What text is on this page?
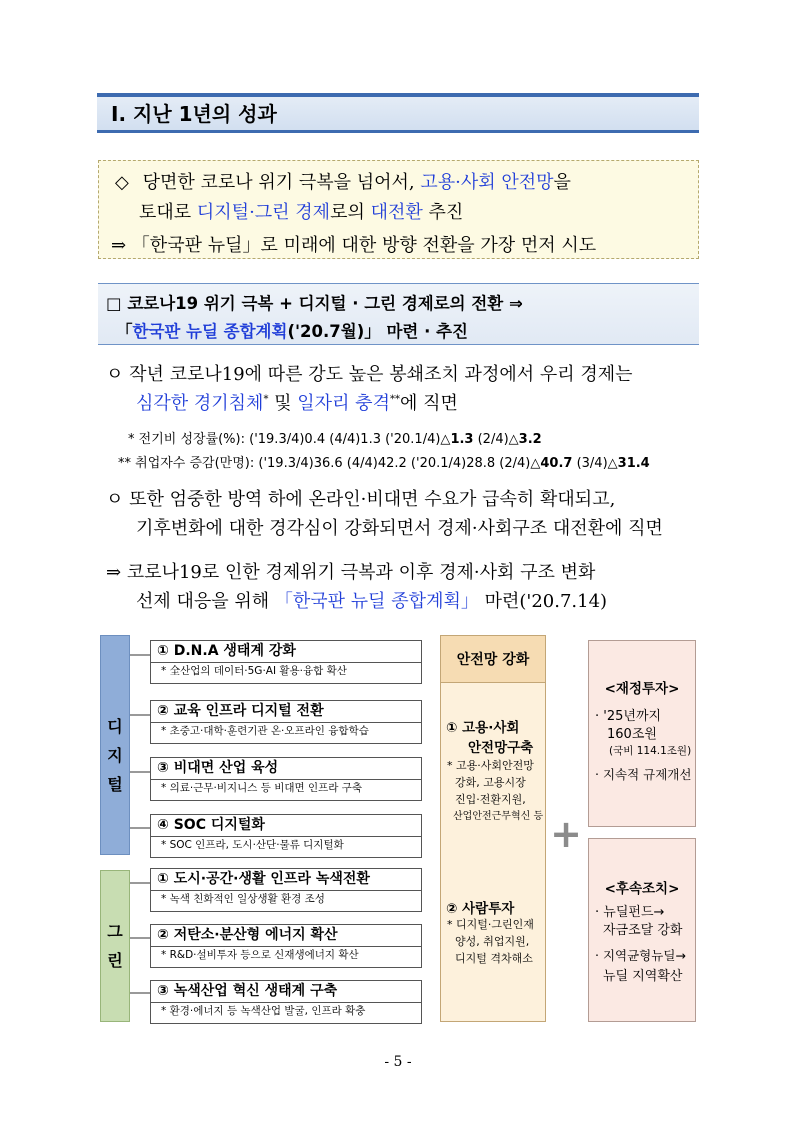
Ⅰ. 지난 1년의 성과
◇ 당면한 코로나 위기 극복을 넘어서, 고용·사회 안전망을
토대로 디지털·그린 경제로의 대전환 추진
⇒ 「한국판 뉴딜」로 미래에 대한 방향 전환을 가장 먼저 시도
□ 코로나19 위기 극복 + 디지털 · 그린 경제로의 전환 ⇒
「한국판 뉴딜 종합계획('20.7월)」 마련 · 추진
ㅇ 작년 코로나19에 따른 강도 높은 봉쇄조치 과정에서 우리 경제는
심각한 경기침체* 및 일자리 충격**에 직면
* 전기비 성장률(%): ('19.3/4)0.4 (4/4)1.3 ('20.1/4)△1.3 (2/4)△3.2
** 취업자수 증감(만명): ('19.3/4)36.6 (4/4)42.2 ('20.1/4)28.8 (2/4)△40.7 (3/4)△31.4
ㅇ 또한 엄중한 방역 하에 온라인·비대면 수요가 급속히 확대되고,
기후변화에 대한 경각심이 강화되면서 경제·사회구조 대전환에 직면
⇒ 코로나19로 인한 경제위기 극복과 이후 경제·사회 구조 변화
선제 대응을 위해 「한국판 뉴딜 종합계획」 마련('20.7.14)
디
지
털
그
린
① D.N.A 생태계 강화
* 全산업의 데이터·5G·AI 활용·융합 확산
② 교육 인프라 디지털 전환
* 초중고·대학·훈련기관 온·오프라인 융합학습
③ 비대면 산업 육성
* 의료·근무·비지니스 등 비대면 인프라 구축
④ SOC 디지털화
* SOC 인프라, 도시·산단·물류 디지털화
① 도시·공간·생활 인프라 녹색전환
* 녹색 친화적인 일상생활 환경 조성
② 저탄소·분산형 에너지 확산
* R&D·설비투자 등으로 신재생에너지 확산
③ 녹색산업 혁신 생태계 구축
* 환경·에너지 등 녹색산업 발굴, 인프라 확충
안전망 강화
① 고용·사회
안전망구축
* 고용·사회안전망
강화, 고용시장
진입·전환지원,
산업안전근무혁신 등
② 사람투자
* 디지털·그린인재
양성, 취업지원,
디지털 격차해소
+
<재정투자>
‧ '25년까지
160조원
(국비 114.1조원)
‧ 지속적 규제개선
<후속조치>
‧ 뉴딜펀드→
자금조달 강화
‧ 지역균형뉴딜→
뉴딜 지역확산
- 5 -
